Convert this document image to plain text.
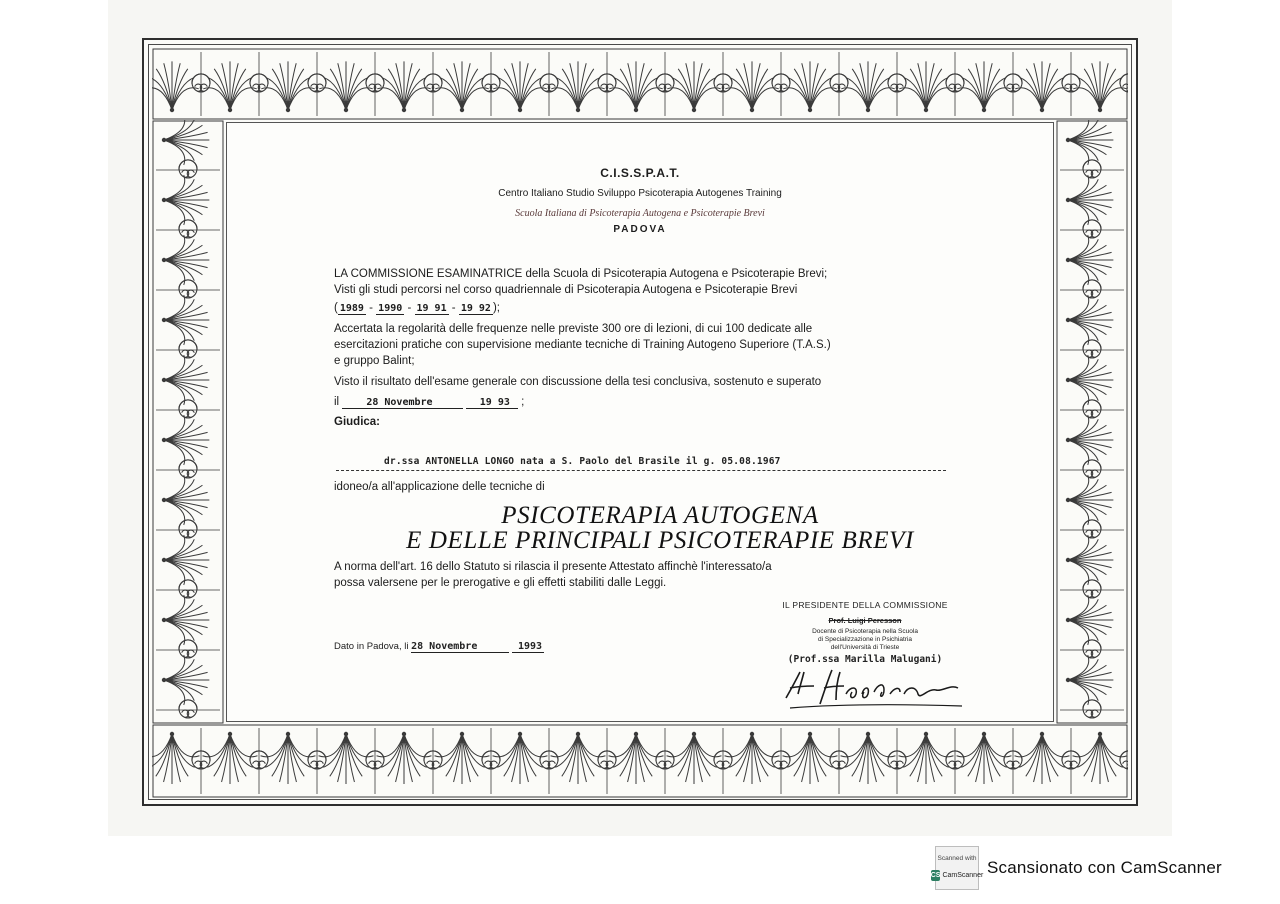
C.I.S.S.P.A.T.
Centro Italiano Studio Sviluppo Psicoterapia Autogenes Training
Scuola Italiana di Psicoterapia Autogena e Psicoterapie Brevi
PADOVA
LA COMMISSIONE ESAMINATRICE della Scuola di Psicoterapia Autogena e Psicoterapie Brevi;
Visti gli studi percorsi nel corso quadriennale di Psicoterapia Autogena e Psicoterapie Brevi
( 1989 - 1990 - 19 91 - 19 92 );
Accertata la regolarità delle frequenze nelle previste 300 ore di lezioni, di cui 100 dedicate alle
esercitazioni pratiche con supervisione mediante tecniche di Training Autogeno Superiore (T.A.S.)
e gruppo Balint;
Visto il risultato dell'esame generale con discussione della tesi conclusiva, sostenuto e superato
il	28 Novembre	19 93 ;
Giudica:
dr.ssa ANTONELLA LONGO nata a S. Paolo del Brasile il g. 05.08.1967
idoneo/a all'applicazione delle tecniche di
PSICOTERAPIA AUTOGENA
E DELLE PRINCIPALI PSICOTERAPIE BREVI
A norma dell'art. 16 dello Statuto si rilascia il presente Attestato affinchè l'interessato/a
possa valersene per le prerogative e gli effetti stabiliti dalle Leggi.
Dato in Padova, li 28 Novembre	1993
IL PRESIDENTE DELLA COMMISSIONE
Prof. Luigi Peresson
Docente di Psicoterapia nella Scuola
di Specializzazione in Psichiatria
dell'Università di Trieste
(Prof.ssa Marilla Malugani)
Scanned with
CS CamScanner Scansionato con CamScanner
